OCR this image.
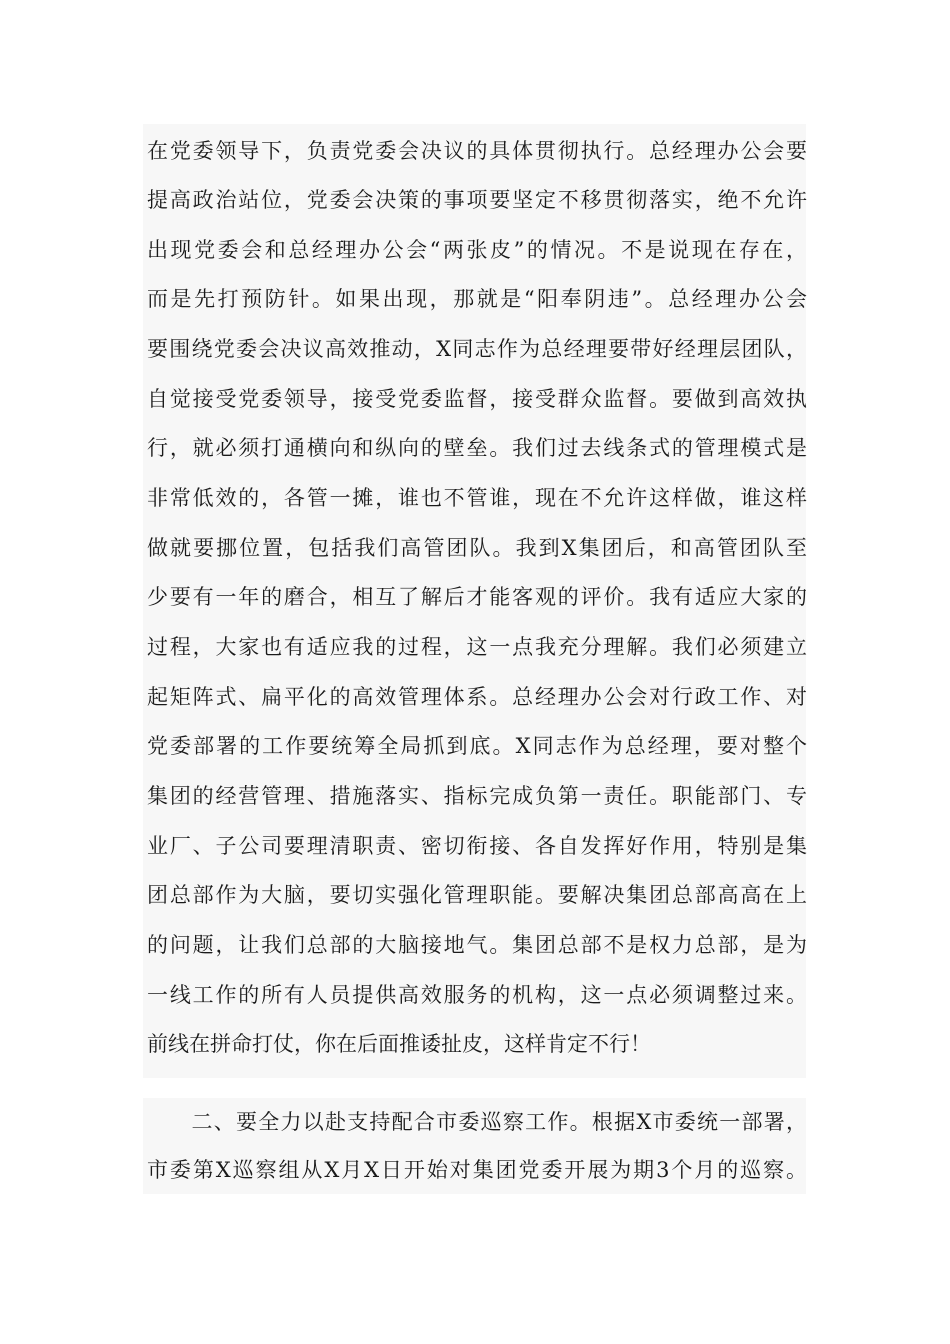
在党委领导下，负责党委会决议的具体贯彻执行。总经理办公会要
提高政治站位，党委会决策的事项要坚定不移贯彻落实，绝不允许
出现党委会和总经理办公会“两张皮”的情况。不是说现在存在，
而是先打预防针。如果出现，那就是“阳奉阴违”。总经理办公会
要围绕党委会决议高效推动，X同志作为总经理要带好经理层团队，
自觉接受党委领导，接受党委监督，接受群众监督。要做到高效执
行，就必须打通横向和纵向的壁垒。我们过去线条式的管理模式是
非常低效的，各管一摊，谁也不管谁，现在不允许这样做，谁这样
做就要挪位置，包括我们高管团队。我到X集团后，和高管团队至
少要有一年的磨合，相互了解后才能客观的评价。我有适应大家的
过程，大家也有适应我的过程，这一点我充分理解。我们必须建立
起矩阵式、扁平化的高效管理体系。总经理办公会对行政工作、对
党委部署的工作要统筹全局抓到底。X同志作为总经理，要对整个
集团的经营管理、措施落实、指标完成负第一责任。职能部门、专
业厂、子公司要理清职责、密切衔接、各自发挥好作用，特别是集
团总部作为大脑，要切实强化管理职能。要解决集团总部高高在上
的问题，让我们总部的大脑接地气。集团总部不是权力总部，是为
一线工作的所有人员提供高效服务的机构，这一点必须调整过来。
前线在拼命打仗，你在后面推诿扯皮，这样肯定不行！
　　二、要全力以赴支持配合市委巡察工作。根据X市委统一部署，
市委第X巡察组从X月X日开始对集团党委开展为期3个月的巡察。
